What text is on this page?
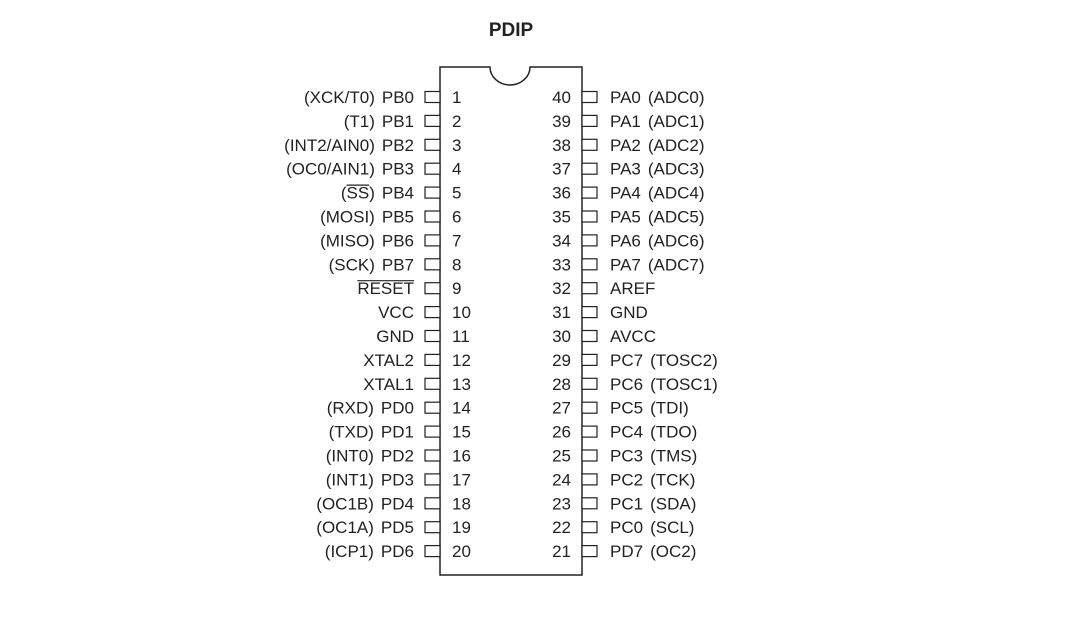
PDIP
1
PB0
(XCK/T0)
2
PB1
(T1)
3
PB2
(INT2/AIN0)
4
PB3
(OC0/AIN1)
5
PB4
(SS)
6
PB5
(MOSI)
7
PB6
(MISO)
8
PB7
(SCK)
9
RESET
10
VCC
11
GND
12
XTAL2
13
XTAL1
14
PD0
(RXD)
15
PD1
(TXD)
16
PD2
(INT0)
17
PD3
(INT1)
18
PD4
(OC1B)
19
PD5
(OC1A)
20
PD6
(ICP1)
40 PA0 (ADC0)
39 PA1 (ADC1)
38 PA2 (ADC2)
37 PA3 (ADC3)
36 PA4 (ADC4)
35 PA5 (ADC5)
34 PA6 (ADC6)
33 PA7 (ADC7)
32 AREF
31 GND
30 AVCC
29 PC7 (TOSC2)
28 PC6 (TOSC1)
27 PC5 (TDI)
26 PC4 (TDO)
25 PC3 (TMS)
24 PC2 (TCK)
23 PC1 (SDA)
22 PC0 (SCL)
21 PD7 (OC2)
